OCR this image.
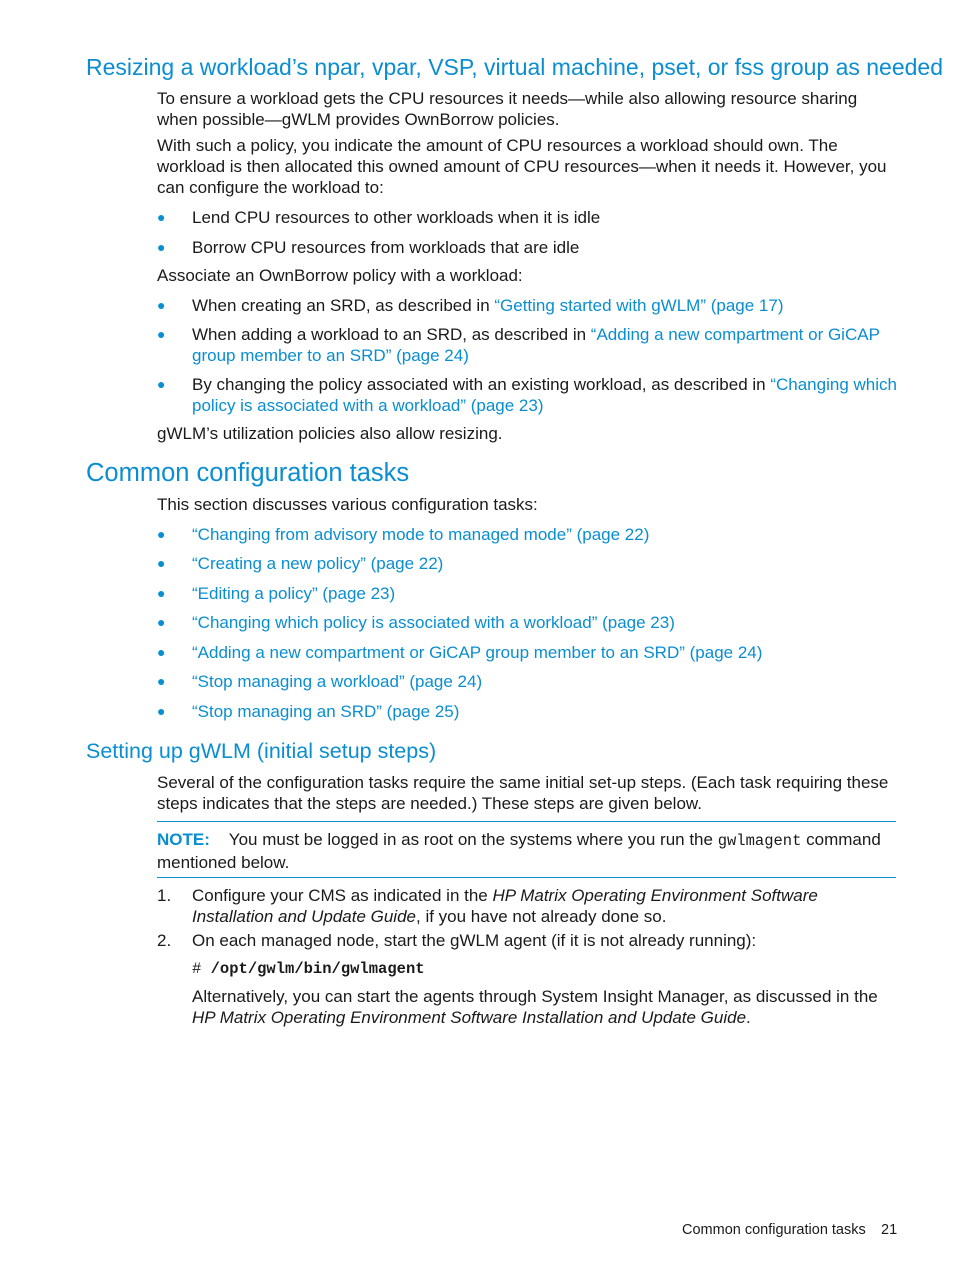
Resizing a workload’s npar, vpar, VSP, virtual machine, pset, or fss group as needed

To ensure a workload gets the CPU resources it needs—while also allowing resource sharing when possible—gWLM provides OwnBorrow policies.

With such a policy, you indicate the amount of CPU resources a workload should own. The workload is then allocated this owned amount of CPU resources—when it needs it. However, you can configure the workload to:

● Lend CPU resources to other workloads when it is idle
● Borrow CPU resources from workloads that are idle

Associate an OwnBorrow policy with a workload:

● When creating an SRD, as described in “Getting started with gWLM” (page 17)
● When adding a workload to an SRD, as described in “Adding a new compartment or GiCAP group member to an SRD” (page 24)
● By changing the policy associated with an existing workload, as described in “Changing which policy is associated with a workload” (page 23)

gWLM’s utilization policies also allow resizing.

Common configuration tasks

This section discusses various configuration tasks:

● “Changing from advisory mode to managed mode” (page 22)
● “Creating a new policy” (page 22)
● “Editing a policy” (page 23)
● “Changing which policy is associated with a workload” (page 23)
● “Adding a new compartment or GiCAP group member to an SRD” (page 24)
● “Stop managing a workload” (page 24)
● “Stop managing an SRD” (page 25)
Setting up gWLM (initial setup steps)

Several of the configuration tasks require the same initial set-up steps. (Each task requiring these steps indicates that the steps are needed.) These steps are given below.

NOTE: You must be logged in as root on the systems where you run the gwlmagent command mentioned below.

1. Configure your CMS as indicated in the HP Matrix Operating Environment Software Installation and Update Guide, if you have not already done so.
2. On each managed node, start the gWLM agent (if it is not already running):
# /opt/gwlm/bin/gwlmagent

Alternatively, you can start the agents through System Insight Manager, as discussed in the HP Matrix Operating Environment Software Installation and Update Guide.

Common configuration tasks 21
